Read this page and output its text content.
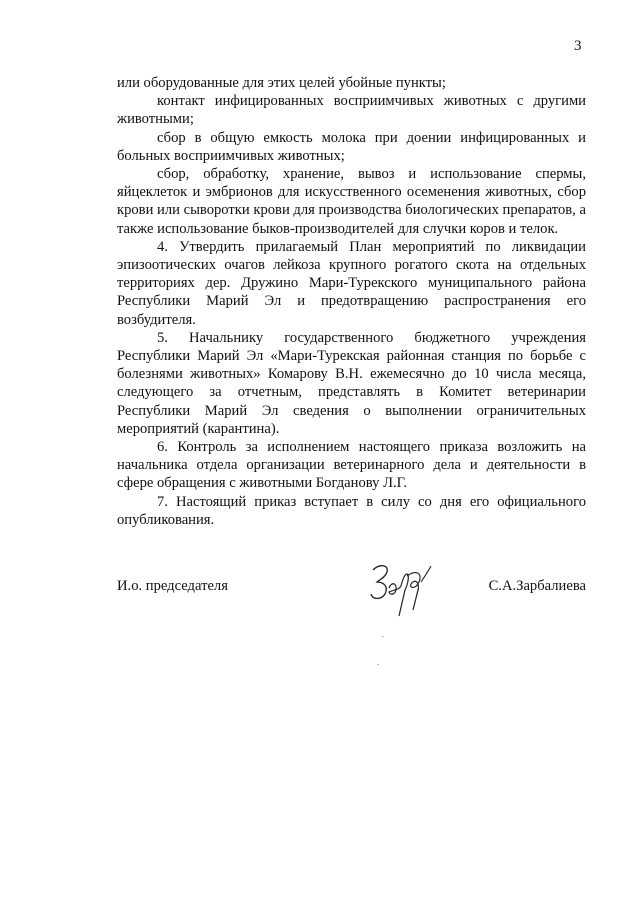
3

или оборудованные для этих целей убойные пункты;

контакт инфицированных восприимчивых животных с другими животными;

сбор в общую емкость молока при доении инфицированных и больных восприимчивых животных;

сбор, обработку, хранение, вывоз и использование спермы, яйцеклеток и эмбрионов для искусственного осеменения животных, сбор крови или сыворотки крови для производства биологических препаратов, а также использование быков-производителей для случки коров и телок.

4. Утвердить прилагаемый План мероприятий по ликвидации эпизоотических очагов лейкоза крупного рогатого скота на отдельных территориях дер. Дружино Мари-Турекского муниципального района Республики Марий Эл и предотвращению распространения его возбудителя.

5. Начальнику государственного бюджетного учреждения Республики Марий Эл «Мари-Турекская районная станция по борьбе с болезнями животных» Комарову В.Н. ежемесячно до 10 числа месяца, следующего за отчетным, представлять в Комитет ветеринарии Республики Марий Эл сведения о выполнении ограничительных мероприятий (карантина).

6. Контроль за исполнением настоящего приказа возложить на начальника отдела организации ветеринарного дела и деятельности в сфере обращения с животными Богданову Л.Г.

7. Настоящий приказ вступает в силу со дня его официального опубликования.

И.о. председателя	С.А.Зарбалиева
